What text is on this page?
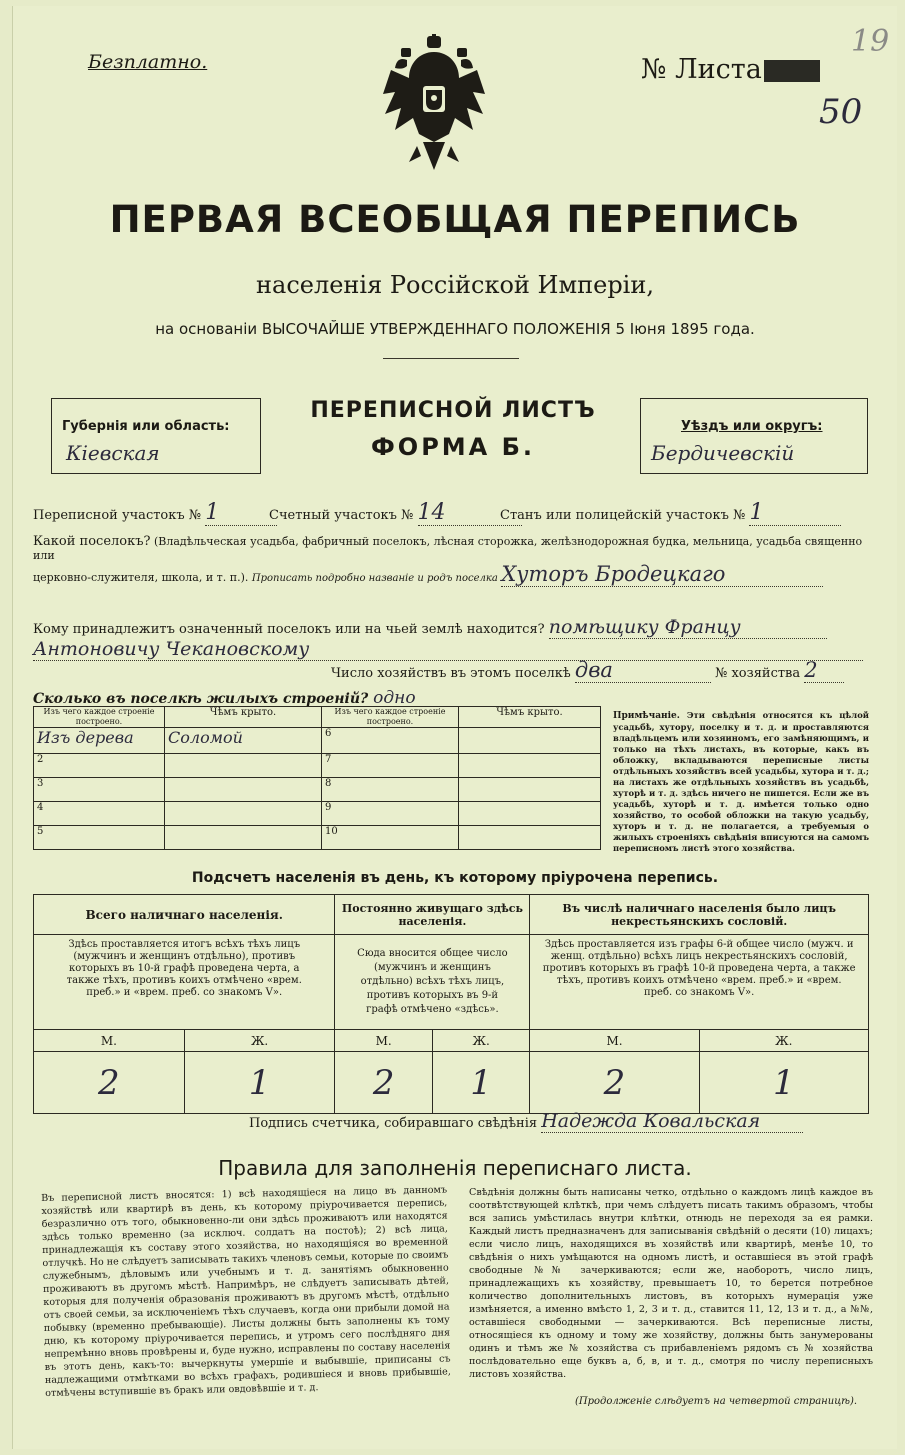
Безплатно.	№ Листа
50
19
ПЕРВАЯ ВСЕОБЩАЯ ПЕРЕПИСЬ
населенія Россійской Имперіи,
на основаніи ВЫСОЧАЙШЕ УТВЕРЖДЕННАГО ПОЛОЖЕНІЯ 5 Іюня 1895 года.
Губернія или область:
Кіевская
ПЕРЕПИСНОЙ ЛИСТЪ
ФОРМА Б.
Уѣздъ или округъ:
Бердичевскій
Переписной участокъ № 1	Счетный участокъ № 14	Станъ или полицейскій участокъ № 1
Какой поселокъ? (Владѣльческая усадьба, фабричный поселокъ, лѣсная сторожка, желѣзнодорожная будка, мельница, усадьба священно или
церковно-служителя, школа, и т. п.). Прописать подробно названіе и родъ поселка Хуторъ Бродецкаго
Кому принадлежитъ означенный поселокъ или на чьей землѣ находится? помѣщику Францу
Антоновичу Чекановскому
Число хозяйствъ въ этомъ поселкѣ два	№ хозяйства 2
Сколько въ поселкѣ жилыхъ строеній? одно
Изъ чего каждое строеніе построено.	Чѣмъ крыто.	Изъ чего каждое строеніе построено.	Чѣмъ крыто.
Изъ дерева	Соломой	6	
2		7	
3		8	
4		9	
5		10	
Примѣчаніе. Эти свѣдѣнія относятся къ цѣлой усадьбѣ, хутору, поселку и т. д. и проставляются владѣльцемъ или хозяиномъ, его замѣняющимъ, и только на тѣхъ листахъ, въ которые, какъ въ обложку, вкладываются переписные листы отдѣльныхъ хозяйствъ всей усадьбы, хутора и т. д.; на листахъ же отдѣльныхъ хозяйствъ въ усадьбѣ, хуторѣ и т. д. здѣсь ничего не пишется. Если же въ усадьбѣ, хуторѣ и т. д. имѣется только одно хозяйство, то особой обложки на такую усадьбу, хуторъ и т. д. не полагается, а требуемыя о жилыхъ строеніяхъ свѣдѣнія вписуются на самомъ переписномъ листѣ этого хозяйства.
Подсчетъ населенія въ день, къ которому пріурочена перепись.
Всего наличнаго населенія.		Постоянно живущаго здѣсь населенія.		Въ числѣ наличнаго населенія было лицъ некрестьянскихъ сословій.	
Здѣсь проставляется итогъ всѣхъ тѣхъ лицъ (мужчинъ и женщинъ отдѣльно), противъ которыхъ въ 10-й графѣ проведена черта, а также тѣхъ, противъ коихъ отмѣчено «врем. преб.» и «врем. преб. со знакомъ V».		Сюда вносится общее число (мужчинъ и женщинъ отдѣльно) всѣхъ тѣхъ лицъ, противъ которыхъ въ 9-й графѣ отмѣчено «здѣсь».		Здѣсь проставляется изъ графы 6-й общее число (мужч. и женщ. отдѣльно) всѣхъ лицъ некрестьянскихъ сословій, противъ которыхъ въ графѣ 10-й проведена черта, а также тѣхъ, противъ коихъ отмѣчено «врем. преб.» и «врем. преб. со знакомъ V».	
М.	Ж.	М.	Ж.	М.	Ж.
2	1	2	1	2	1
Подпись счетчика, собиравшаго свѣдѣнія Надежда Ковальская
Правила для заполненія переписнаго листа.
Въ переписной листъ вносятся: 1) всѣ находящіеся на лицо въ данномъ хозяйствѣ или квартирѣ въ день, къ которому пріурочивается перепись, безразлично отъ того, обыкновенно-ли они здѣсь проживаютъ или находятся здѣсь только временно (за исключ. солдатъ на постоѣ); 2) всѣ лица, принадлежащія къ составу этого хозяйства, но находящіяся во временной отлучкѣ. Но не слѣдуетъ записывать такихъ членовъ семьи, которые по своимъ служебнымъ, дѣловымъ или учебнымъ и т. д. занятіямъ обыкновенно проживаютъ въ другомъ мѣстѣ. Напримѣръ, не слѣдуетъ записывать дѣтей, которыя для полученія образованія проживаютъ въ другомъ мѣстѣ, отдѣльно отъ своей семьи, за исключеніемъ тѣхъ случаевъ, когда они прибыли домой на побывку (временно пребывающіе). Листы должны быть заполнены къ тому дню, къ которому пріурочивается перепись, и утромъ сего послѣдняго дня непремѣнно вновь провѣрены и, буде нужно, исправлены по составу населенія въ этотъ день, какъ-то: вычеркнуты умершіе и выбывшіе, приписаны съ надлежащими отмѣтками во всѣхъ графахъ, родившіеся и вновь прибывшіе, отмѣчены вступившіе въ бракъ или овдовѣвшіе и т. д.
Свѣдѣнія должны быть написаны четко, отдѣльно о каждомъ лицѣ каждое въ соотвѣтствующей клѣткѣ, при чемъ слѣдуетъ писать такимъ образомъ, чтобы вся запись умѣстилась внутри клѣтки, отнюдь не переходя за ея рамки. Каждый листъ предназначенъ для записыванія свѣдѣній о десяти (10) лицахъ; если число лицъ, находящихся въ хозяйствѣ или квартирѣ, менѣе 10, то свѣдѣнія о нихъ умѣщаются на одномъ листѣ, и оставшіеся въ этой графѣ свободные №№ зачеркиваются; если же, наоборотъ, число лицъ, принадлежащихъ къ хозяйству, превышаетъ 10, то берется потребное количество дополнительныхъ листовъ, въ которыхъ нумерація уже измѣняется, а именно вмѣсто 1, 2, 3 и т. д., ставится 11, 12, 13 и т. д., а №№, оставшіеся свободными — зачеркиваются. Всѣ переписные листы, относящіеся къ одному и тому же хозяйству, должны быть занумерованы одинъ и тѣмъ же № хозяйства съ прибавленіемъ рядомъ съ № хозяйства послѣдовательно еще буквъ а, б, в, и т. д., смотря по числу переписныхъ листовъ хозяйства.
(Продолженіе слѣдуетъ на четвертой страницѣ).
